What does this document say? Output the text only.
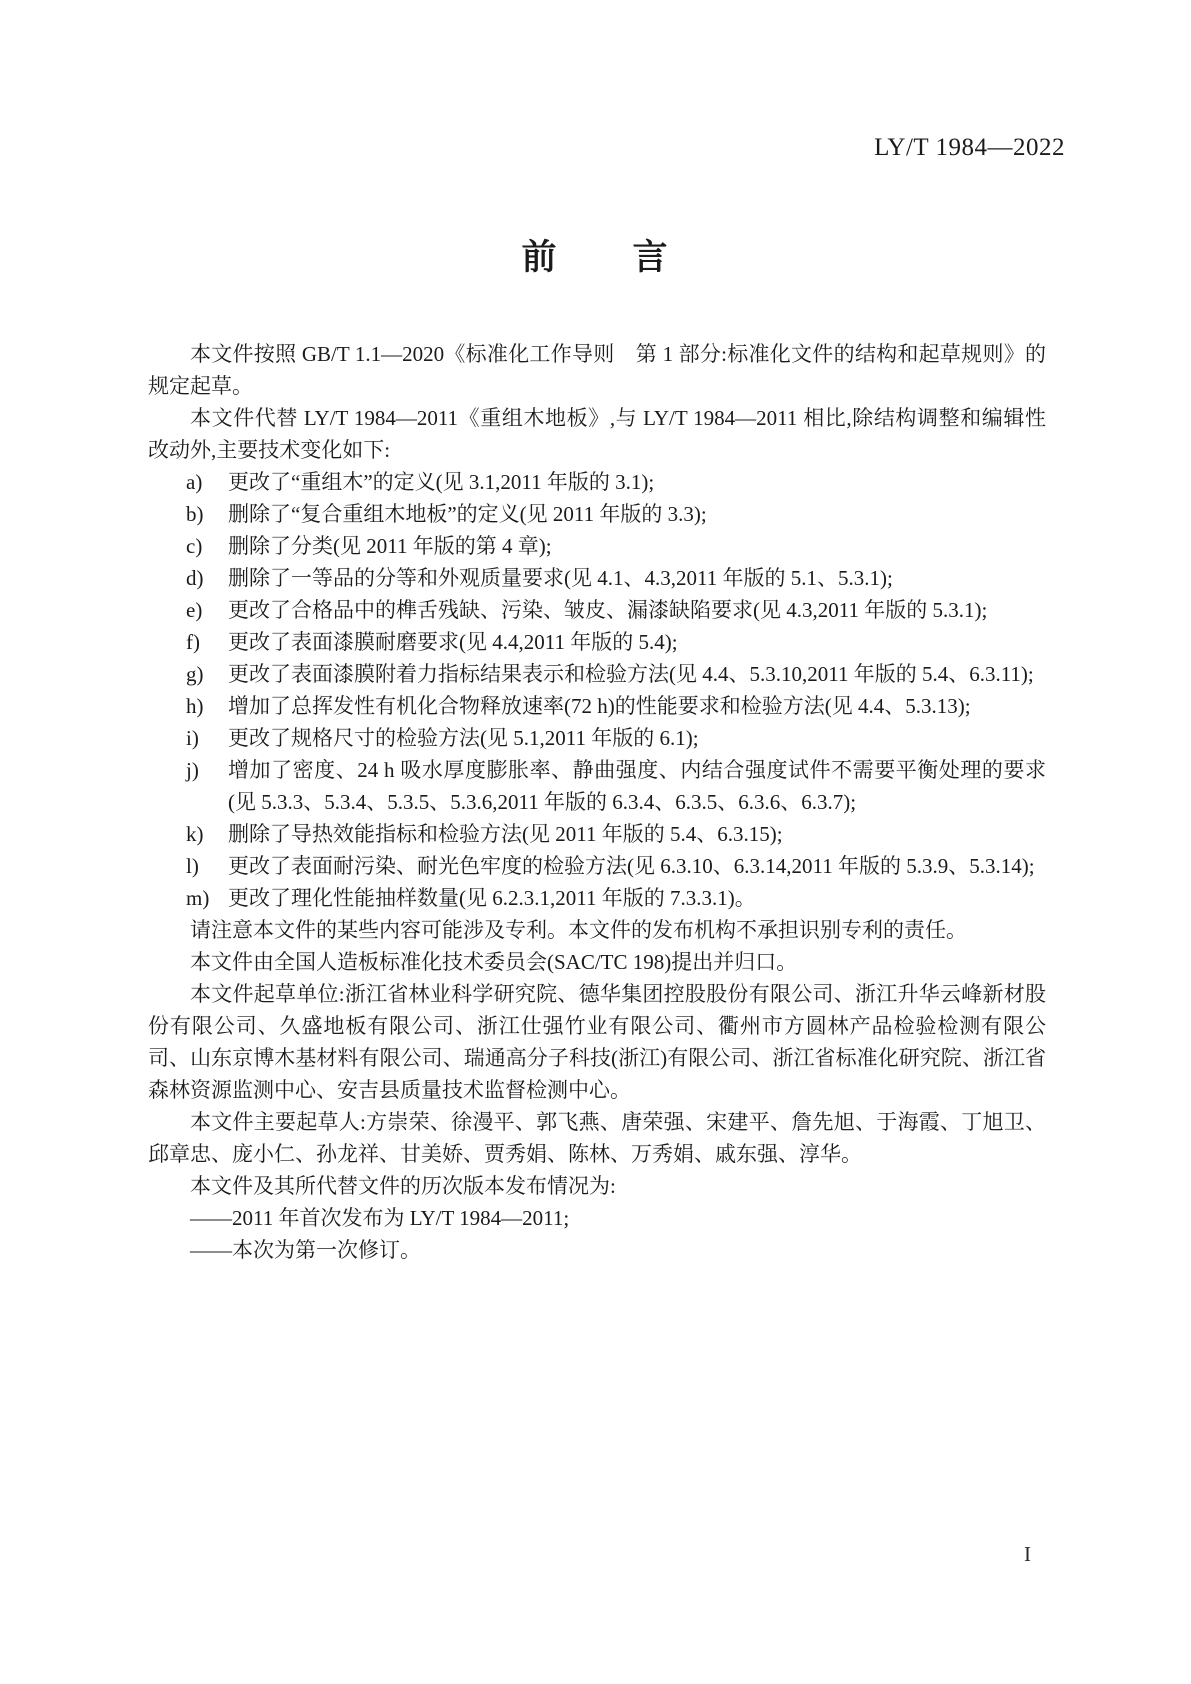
LY/T 1984—2022
前　　言

本文件按照 GB/T 1.1—2020《标准化工作导则　第 1 部分:标准化文件的结构和起草规则》的规定起草。

本文件代替 LY/T 1984—2011《重组木地板》,与 LY/T 1984—2011 相比,除结构调整和编辑性改动外,主要技术变化如下:

a) 更改了“重组木”的定义(见 3.1,2011 年版的 3.1);
b) 删除了“复合重组木地板”的定义(见 2011 年版的 3.3);
c) 删除了分类(见 2011 年版的第 4 章);
d) 删除了一等品的分等和外观质量要求(见 4.1、4.3,2011 年版的 5.1、5.3.1);
e) 更改了合格品中的榫舌残缺、污染、皱皮、漏漆缺陷要求(见 4.3,2011 年版的 5.3.1);
f) 更改了表面漆膜耐磨要求(见 4.4,2011 年版的 5.4);
g) 更改了表面漆膜附着力指标结果表示和检验方法(见 4.4、5.3.10,2011 年版的 5.4、6.3.11);
h) 增加了总挥发性有机化合物释放速率(72 h)的性能要求和检验方法(见 4.4、5.3.13);
i) 更改了规格尺寸的检验方法(见 5.1,2011 年版的 6.1);
j) 增加了密度、24 h 吸水厚度膨胀率、静曲强度、内结合强度试件不需要平衡处理的要求(见 5.3.3、5.3.4、5.3.5、5.3.6,2011 年版的 6.3.4、6.3.5、6.3.6、6.3.7);
k) 删除了导热效能指标和检验方法(见 2011 年版的 5.4、6.3.15);
l) 更改了表面耐污染、耐光色牢度的检验方法(见 6.3.10、6.3.14,2011 年版的 5.3.9、5.3.14);
m) 更改了理化性能抽样数量(见 6.2.3.1,2011 年版的 7.3.3.1)。

请注意本文件的某些内容可能涉及专利。本文件的发布机构不承担识别专利的责任。

本文件由全国人造板标准化技术委员会(SAC/TC 198)提出并归口。

本文件起草单位:浙江省林业科学研究院、德华集团控股股份有限公司、浙江升华云峰新材股份有限公司、久盛地板有限公司、浙江仕强竹业有限公司、衢州市方圆林产品检验检测有限公司、山东京博木基材料有限公司、瑞通高分子科技(浙江)有限公司、浙江省标准化研究院、浙江省森林资源监测中心、安吉县质量技术监督检测中心。

本文件主要起草人:方崇荣、徐漫平、郭飞燕、唐荣强、宋建平、詹先旭、于海霞、丁旭卫、邱章忠、庞小仁、孙龙祥、甘美娇、贾秀娟、陈林、万秀娟、戚东强、淳华。

本文件及其所代替文件的历次版本发布情况为:

——2011 年首次发布为 LY/T 1984—2011;

——本次为第一次修订。

I
